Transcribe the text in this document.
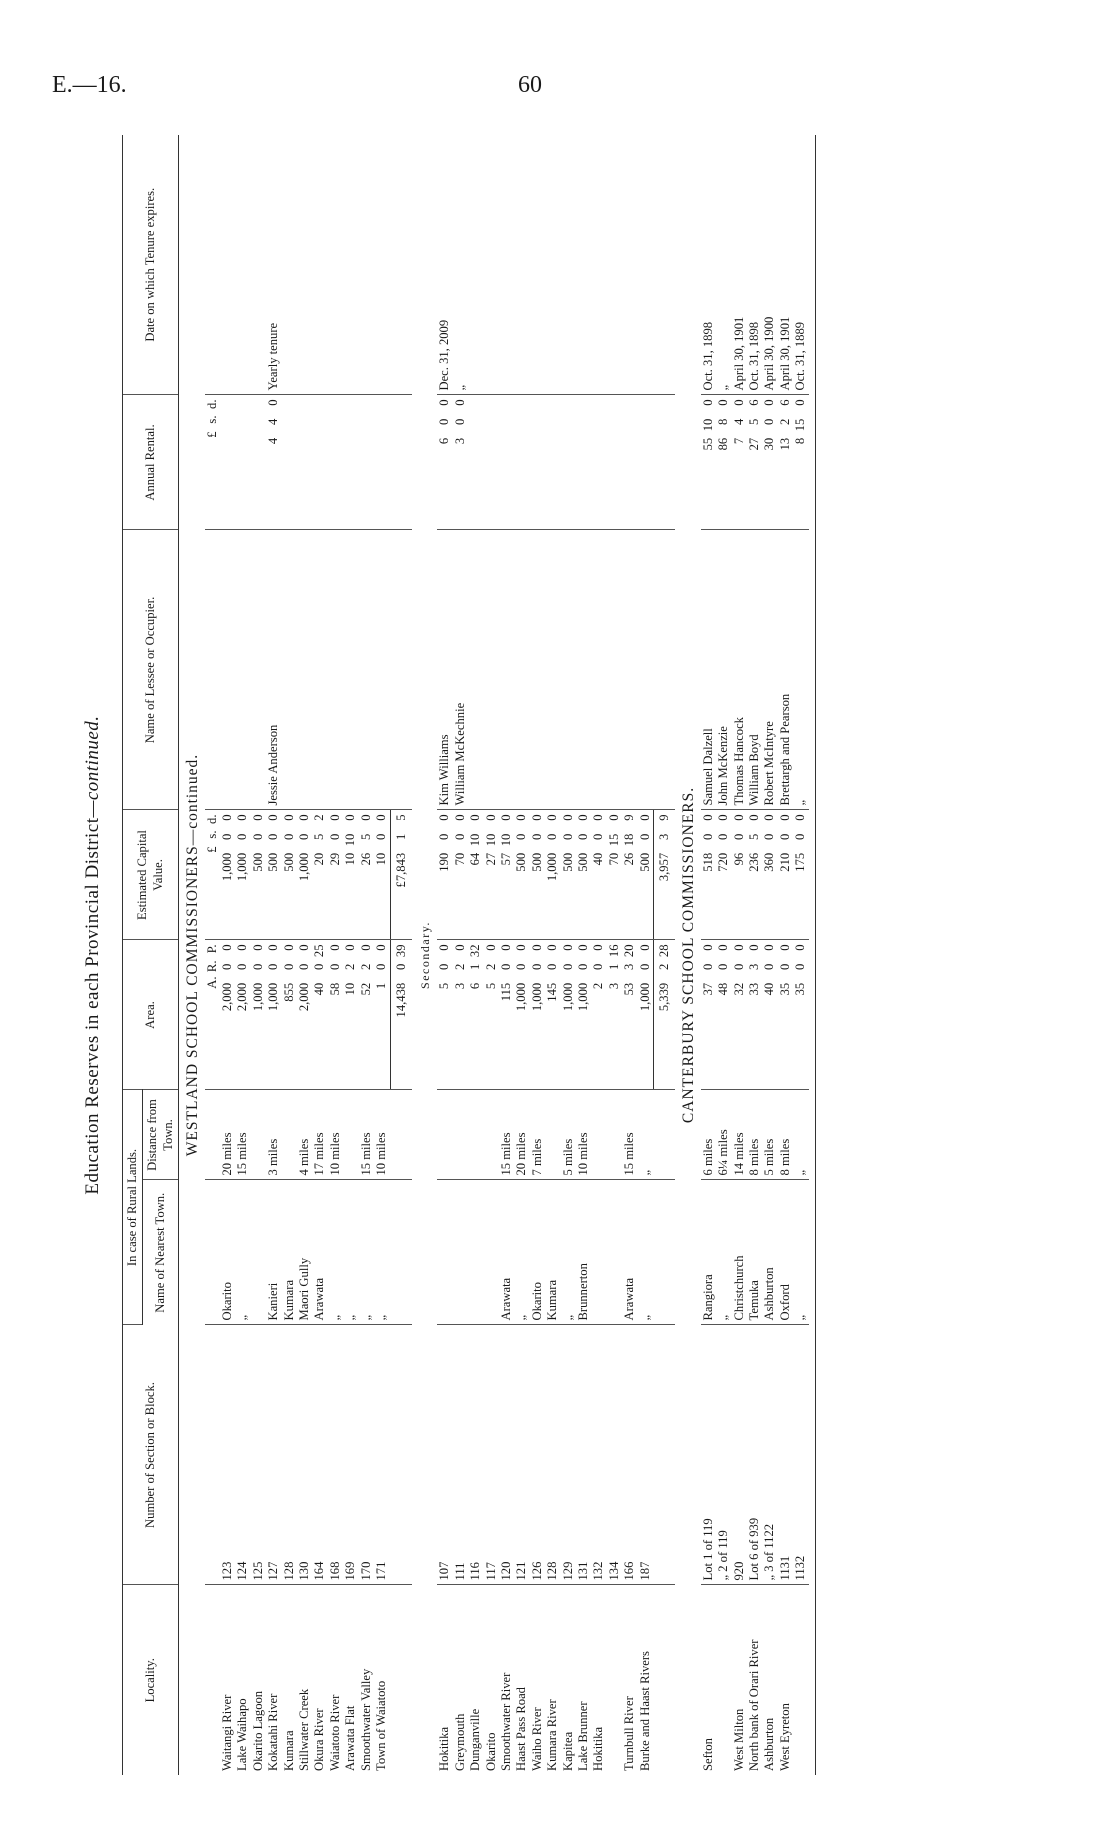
E.—16.	60
Education Reserves in each Provincial District—continued.
Locality.	Number of Section or Block.	In case of Rural Lands.		Area.	Estimated Capital Value.	Name of Lessee or Occupier.	Annual Rental.	Date on which Tenure expires.
		Name of Nearest Town.	Distance from Town.					
WESTLAND SCHOOL COMMISSIONERS—continued.								
				A.R.P.	£s.d.		£s.d.	
Waitangi River	123	Okarito	20 miles	2,000 0 0	1,000 0 0			
Lake Waihapo	124	„	15 miles	2,000 0 0	1,000 0 0			
Okarito Lagoon	125			1,000 0 0	500 0 0			
Kokatahi River	127	Kanieri	3 miles	1,000 0 0	500 0 0	Jessie Anderson	4 4 0	Yearly tenure
Kumara	128	Kumara		855 0 0	500 0 0			
Stillwater Creek	130	Maori Gully	4 miles	2,000 0 0	1,000 0 0			
Okura River	164	Arawata	17 miles	40 0 25	20 5 2			
Waiatoto River	168	„	10 miles	58 0 0	29 0 0			
Arawata Flat	169	„		10 2 0	10 10 0			
Smoothwater Valley	170	„	15 miles	52 2 0	26 5 0			
Town of Waiatoto	171	„	10 miles	1 0 0	10 0 0			
				14,438 0 39	£7,843 1 5			
Secondary.								
Hokitika	107			5 0 0	190 0 0	Kim Williams	6 0 0	Dec. 31, 2009
Greymouth	111			3 2 0	70 0 0	William McKechnie	3 0 0	„
Dunganville	116			6 1 32	64 10 0			
Okarito	117			5 2 0	27 10 0			
Smoothwater River	120	Arawata	15 miles	115 0 0	57 10 0			
Haast Pass Road	121	„	20 miles	1,000 0 0	500 0 0			
Waiho River	126	Okarito	7 miles	1,000 0 0	500 0 0			
Kumara River	128	Kumara		145 0 0	1,000 0 0			
Kapitea	129	„	5 miles	1,000 0 0	500 0 0			
Lake Brunner	131	Brunnerton	10 miles	1,000 0 0	500 0 0			
Hokitika	132			2 0 0	40 0 0			
	134			3 1 16	70 15 0			
Turnbull River	166	Arawata	15 miles	53 3 20	26 18 9			
Burke and Haast Rivers	187	„	„	1,000 0 0	500 0 0			
				5,339 2 28	3,957 3 9			
CANTERBURY SCHOOL COMMISSIONERS.								
Sefton	Lot 1 of 119	Rangiora	6 miles	37 0 0	518 0 0	Samuel Dalzell	55 10 0	Oct. 31, 1898
	„ 2 of 119	„	6¼ miles	48 0 0	720 0 0	John McKenzie	86 8 0	„
West Milton	920	Christchurch	14 miles	32 0 0	96 0 0	Thomas Hancock	7 4 0	April 30, 1901
North bank of Orari River	Lot 6 of 939	Temuka	8 miles	33 3 0	236 5 0	William Boyd	27 5 6	Oct. 31, 1898
Ashburton	„ 3 of 1122	Ashburton	5 miles	40 0 0	360 0 0	Robert McIntyre	30 0 0	April 30, 1900
West Eyreton	1131	Oxford	8 miles	35 0 0	210 0 0	Brettargh and Pearson	13 2 6	April 30, 1901
	1132	„	„	35 0 0	175 0 0	„	8 15 0	Oct. 31, 1889
